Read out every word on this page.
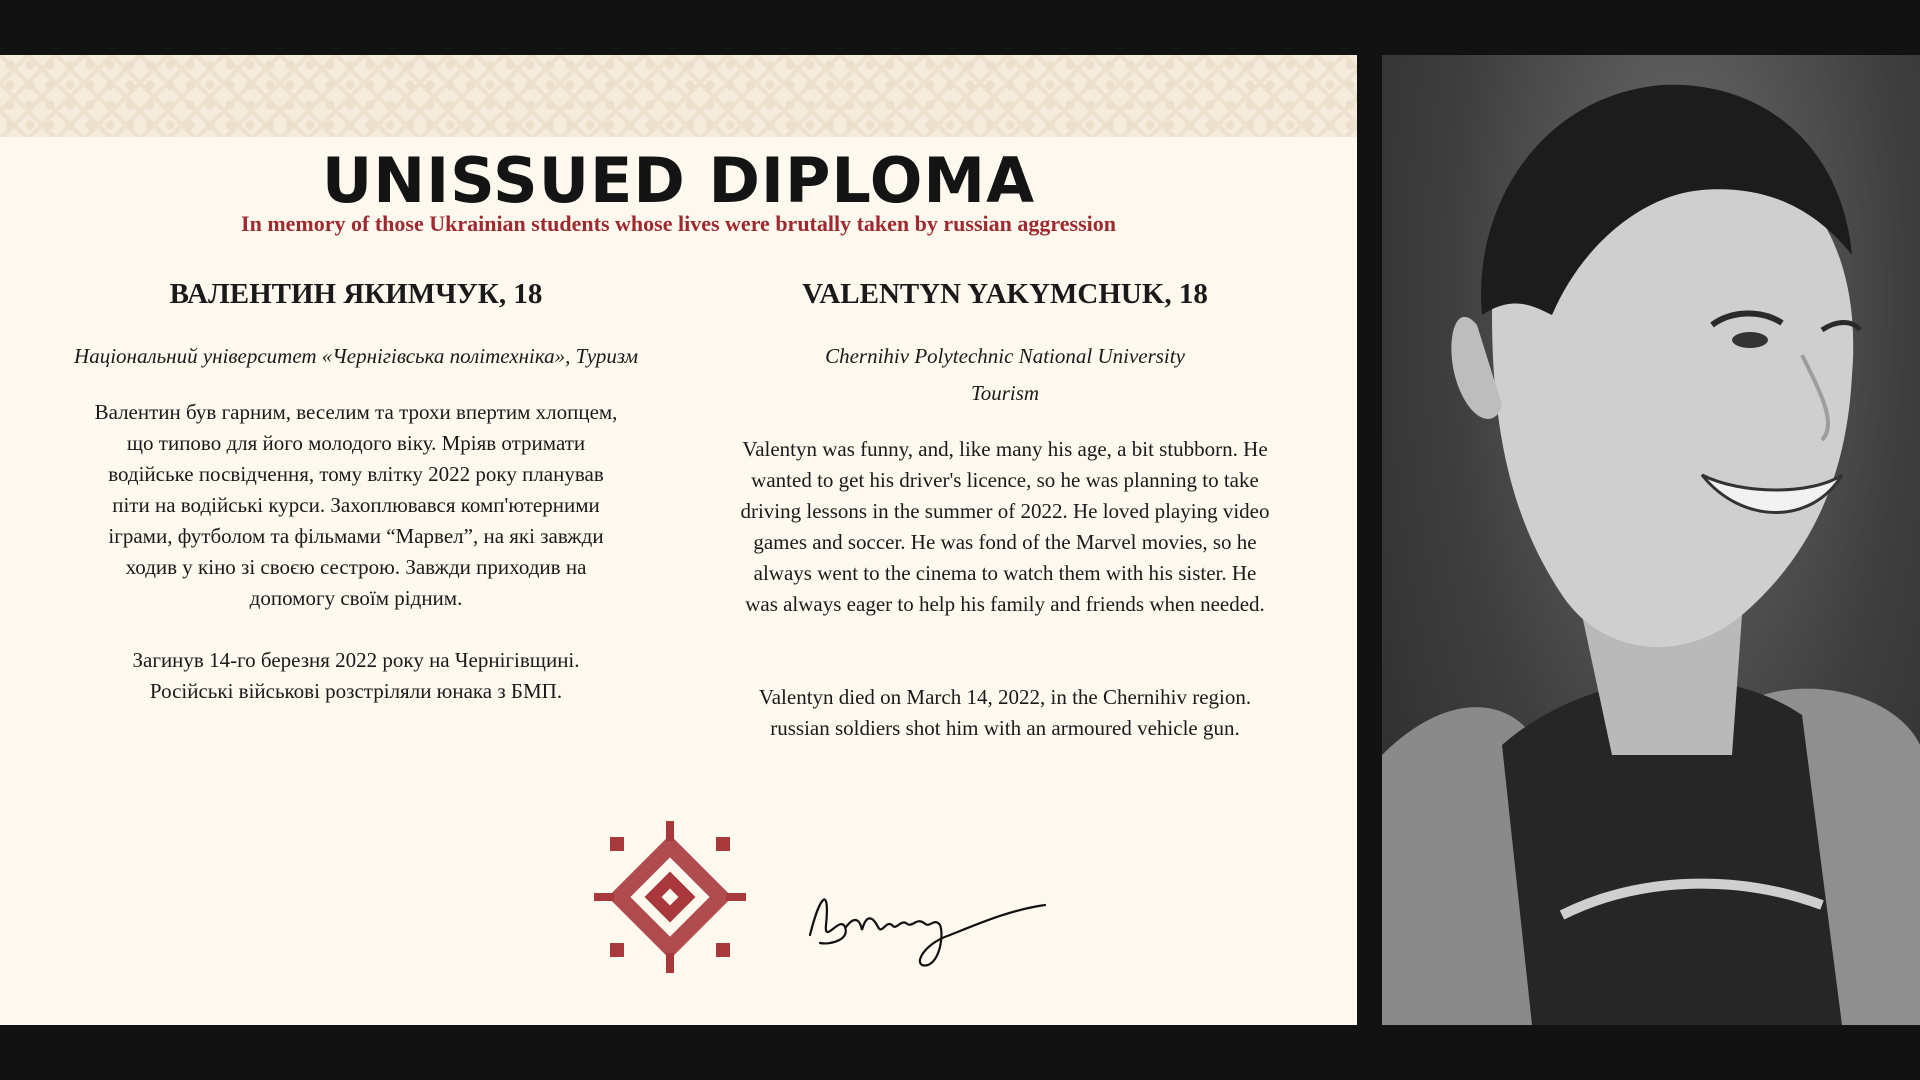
UNISSUED DIPLOMA
In memory of those Ukrainian students whose lives were brutally taken by russian aggression
ВАЛЕНТИН ЯКИМЧУК, 18
Національний університет «Чернігівська політехніка», Туризм
Валентин був гарним, веселим та трохи впертим хлопцем,
що типово для його молодого віку. Мріяв отримати
водійське посвідчення, тому влітку 2022 року планував
піти на водійські курси. Захоплювався комп'ютерними
іграми, футболом та фільмами “Марвел”, на які завжди
ходив у кіно зі своєю сестрою. Завжди приходив на
допомогу своїм рідним.
Загинув 14-го березня 2022 року на Чернігівщині.
Російські військові розстріляли юнака з БМП.
VALENTYN YAKYMCHUK, 18
Chernihiv Polytechnic National University
Tourism
Valentyn was funny, and, like many his age, a bit stubborn. He
wanted to get his driver's licence, so he was planning to take
driving lessons in the summer of 2022. He loved playing video
games and soccer. He was fond of the Marvel movies, so he
always went to the cinema to watch them with his sister. He
was always eager to help his family and friends when needed.
Valentyn died on March 14, 2022, in the Chernihiv region.
russian soldiers shot him with an armoured vehicle gun.
